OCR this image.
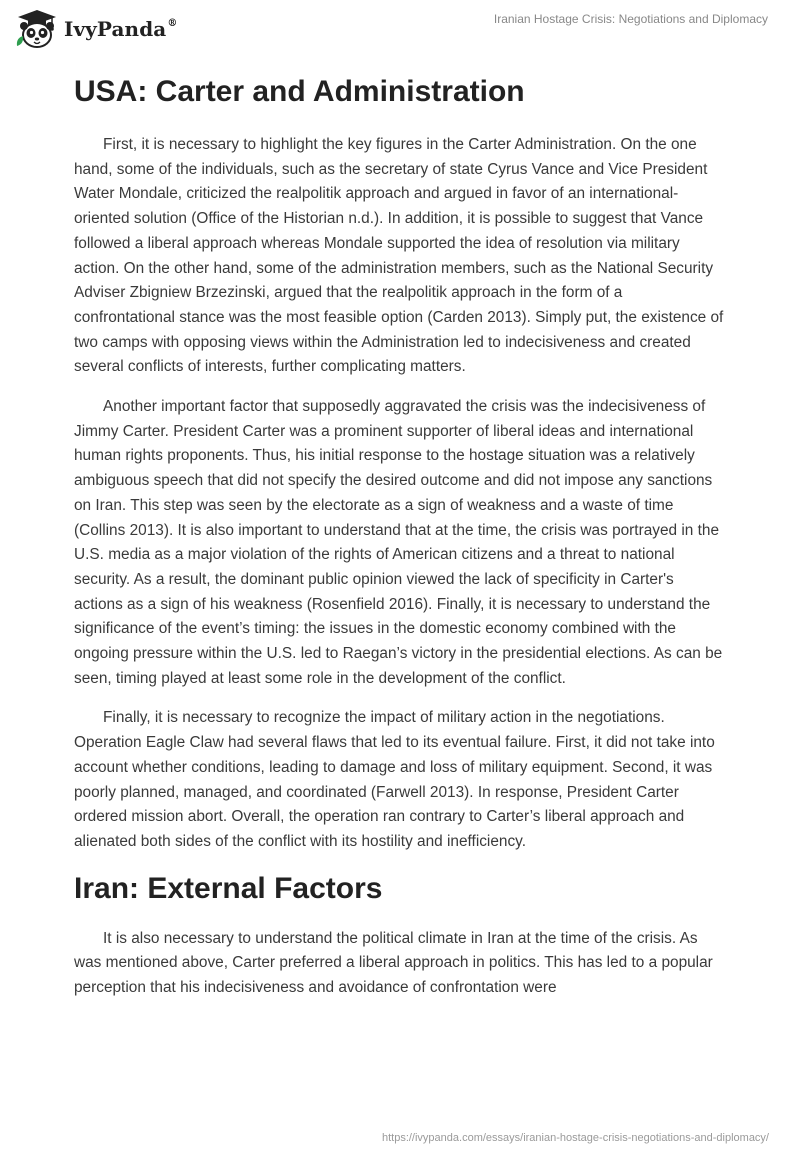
IvyPanda®	Iranian Hostage Crisis: Negotiations and Diplomacy
USA: Carter and Administration

First, it is necessary to highlight the key figures in the Carter Administration. On the one hand, some of the individuals, such as the secretary of state Cyrus Vance and Vice President Water Mondale, criticized the realpolitik approach and argued in favor of an international-oriented solution (Office of the Historian n.d.). In addition, it is possible to suggest that Vance followed a liberal approach whereas Mondale supported the idea of resolution via military action. On the other hand, some of the administration members, such as the National Security Adviser Zbigniew Brzezinski, argued that the realpolitik approach in the form of a confrontational stance was the most feasible option (Carden 2013). Simply put, the existence of two camps with opposing views within the Administration led to indecisiveness and created several conflicts of interests, further complicating matters.

Another important factor that supposedly aggravated the crisis was the indecisiveness of Jimmy Carter. President Carter was a prominent supporter of liberal ideas and international human rights proponents. Thus, his initial response to the hostage situation was a relatively ambiguous speech that did not specify the desired outcome and did not impose any sanctions on Iran. This step was seen by the electorate as a sign of weakness and a waste of time (Collins 2013). It is also important to understand that at the time, the crisis was portrayed in the U.S. media as a major violation of the rights of American citizens and a threat to national security. As a result, the dominant public opinion viewed the lack of specificity in Carter's actions as a sign of his weakness (Rosenfield 2016). Finally, it is necessary to understand the significance of the event’s timing: the issues in the domestic economy combined with the ongoing pressure within the U.S. led to Raegan’s victory in the presidential elections. As can be seen, timing played at least some role in the development of the conflict.

Finally, it is necessary to recognize the impact of military action in the negotiations. Operation Eagle Claw had several flaws that led to its eventual failure. First, it did not take into account whether conditions, leading to damage and loss of military equipment. Second, it was poorly planned, managed, and coordinated (Farwell 2013). In response, President Carter ordered mission abort. Overall, the operation ran contrary to Carter’s liberal approach and alienated both sides of the conflict with its hostility and inefficiency.

Iran: External Factors

It is also necessary to understand the political climate in Iran at the time of the crisis. As was mentioned above, Carter preferred a liberal approach in politics. This has led to a popular perception that his indecisiveness and avoidance of confrontation were

https://ivypanda.com/essays/iranian-hostage-crisis-negotiations-and-diplomacy/
